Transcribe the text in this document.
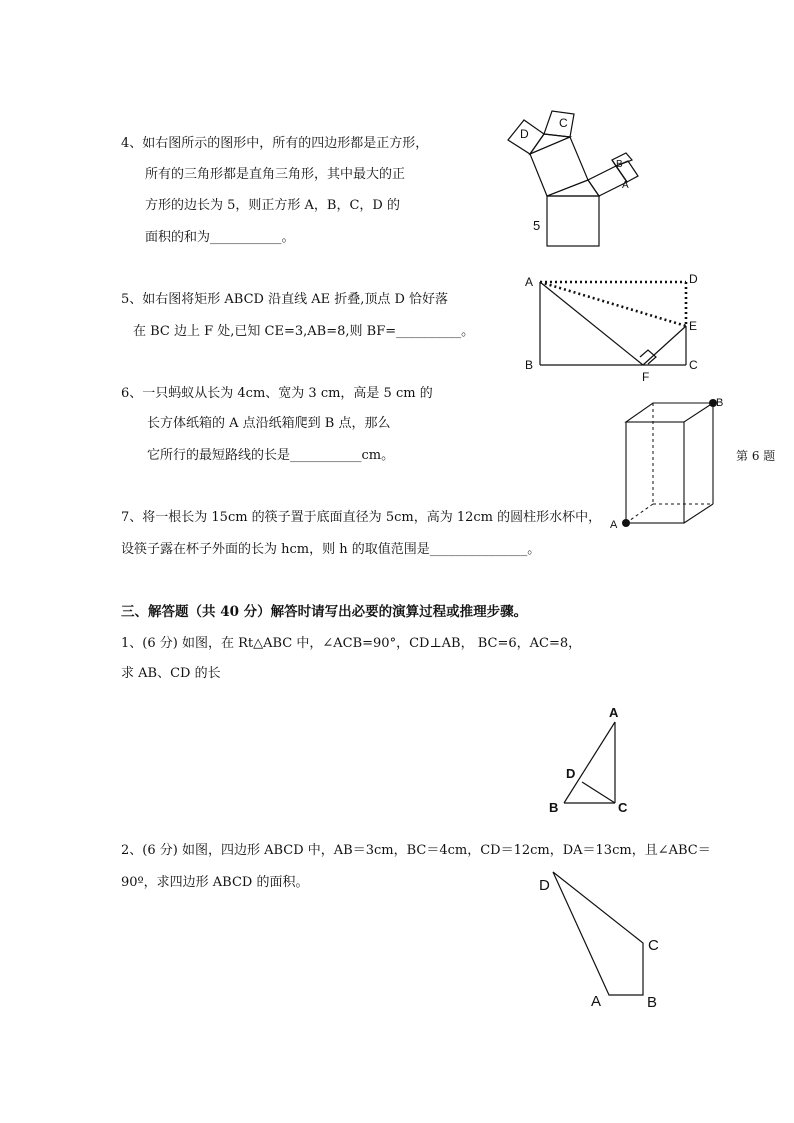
4、如右图所示的图形中，所有的四边形都是正方形，
所有的三角形都是直角三角形，其中最大的正
方形的边长为 5，则正方形 A，B，C，D 的
面积的和为___________。
D
C
B
A
5
5、如右图将矩形 ABCD 沿直线 AE 折叠,顶点 D 恰好落
在 BC 边上 F 处,已知 CE=3,AB=8,则 BF=__________。
A	D
E
B
F
C
6、一只蚂蚁从长为 4cm、宽为 3 cm，高是 5 cm 的
长方体纸箱的 A 点沿纸箱爬到 B 点，那么
它所行的最短路线的长是___________cm。
A
B
第 6 题
7、将一根长为 15cm 的筷子置于底面直径为 5cm，高为 12cm 的圆柱形水杯中，
设筷子露在杯子外面的长为 hcm，则 h 的取值范围是_______________。
三、解答题（共 40 分）解答时请写出必要的演算过程或推理步骤。
1、(6 分) 如图，在 Rt△ABC 中，∠ACB=90°，CD⊥AB， BC=6，AC=8，
求 AB、CD 的长
A
D
B	C
2、(6 分) 如图，四边形 ABCD 中，AB＝3cm，BC＝4cm，CD＝12cm，DA＝13cm，且∠ABC＝
90º，求四边形 ABCD 的面积。	D
C
A	B
